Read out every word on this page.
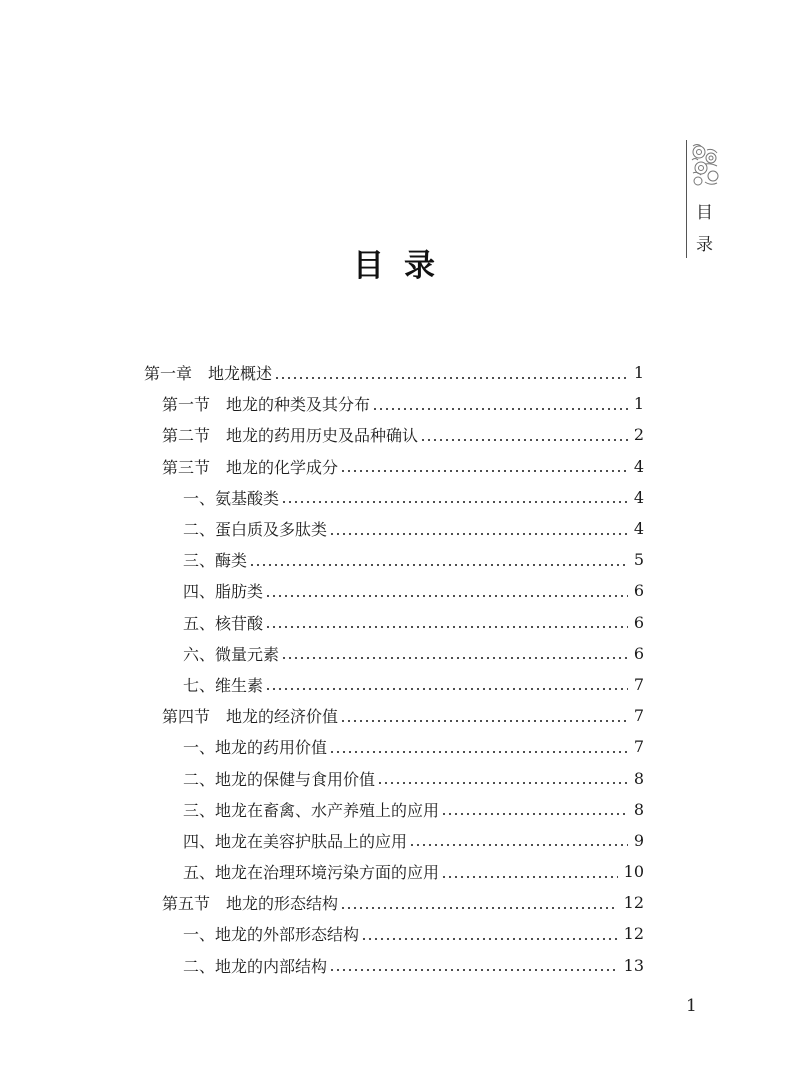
目
录
目录
第一章　地龙概述	1
第一节　地龙的种类及其分布	1
第二节　地龙的药用历史及品种确认	2
第三节　地龙的化学成分	4
一、氨基酸类	4
二、蛋白质及多肽类	4
三、酶类	5
四、脂肪类	6
五、核苷酸	6
六、微量元素	6
七、维生素	7
第四节　地龙的经济价值	7
一、地龙的药用价值	7
二、地龙的保健与食用价值	8
三、地龙在畜禽、水产养殖上的应用	8
四、地龙在美容护肤品上的应用	9
五、地龙在治理环境污染方面的应用	10
第五节　地龙的形态结构	12
一、地龙的外部形态结构	12
二、地龙的内部结构	13
1
